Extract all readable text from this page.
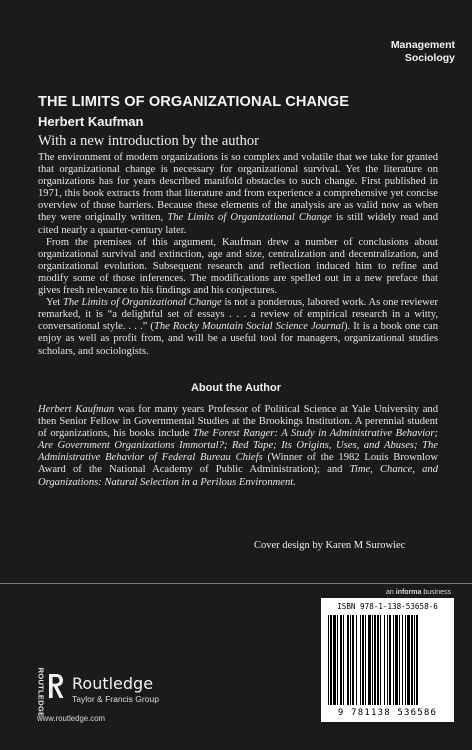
Management
Sociology
THE LIMITS OF ORGANIZATIONAL CHANGE
Herbert Kaufman
With a new introduction by the author

The environment of modern organizations is so complex and volatile that we take for granted that organizational change is necessary for organizational survival. Yet the literature on organizations has for years described manifold obstacles to such change. First published in 1971, this book extracts from that literature and from experience a comprehensive yet concise overview of those barriers. Because these elements of the analysis are as valid now as when they were originally written, The Limits of Organizational Change is still widely read and cited nearly a quarter-century later.

From the premises of this argument, Kaufman drew a number of conclusions about organizational survival and extinction, age and size, centralization and decentralization, and organizational evolution. Subsequent research and reflection induced him to refine and modify some of those inferences. The modifications are spelled out in a new preface that gives fresh relevance to his findings and his conjectures.

Yet The Limits of Organizational Change is not a ponderous, labored work. As one reviewer remarked, it is “a delightful set of essays . . . a review of empirical research in a witty, conversational style. . . .” (The Rocky Mountain Social Science Journal). It is a book one can enjoy as well as profit from, and will be a useful tool for managers, organizational studies scholars, and sociologists.

About the Author
Herbert Kaufman was for many years Professor of Political Science at Yale University and then Senior Fellow in Governmental Studies at the Brookings Institution. A perennial student of organizations, his books include The Forest Ranger: A Study in Administrative Behavior; Are Government Organizations Immortal?; Red Tape; Its Origins, Uses, and Abuses; The Administrative Behavior of Federal Bureau Chiefs (Winner of the 1982 Louis Brownlow Award of the National Academy of Public Administration); and Time, Chance, and Organizations: Natural Selection in a Perilous Environment.
Cover design by Karen M Surowiec
an informa business
ROUTLEDGE Routledge
Taylor & Francis Group
www.routledge.com
ISBN 978-1-138-53658-6
9 781138 536586
